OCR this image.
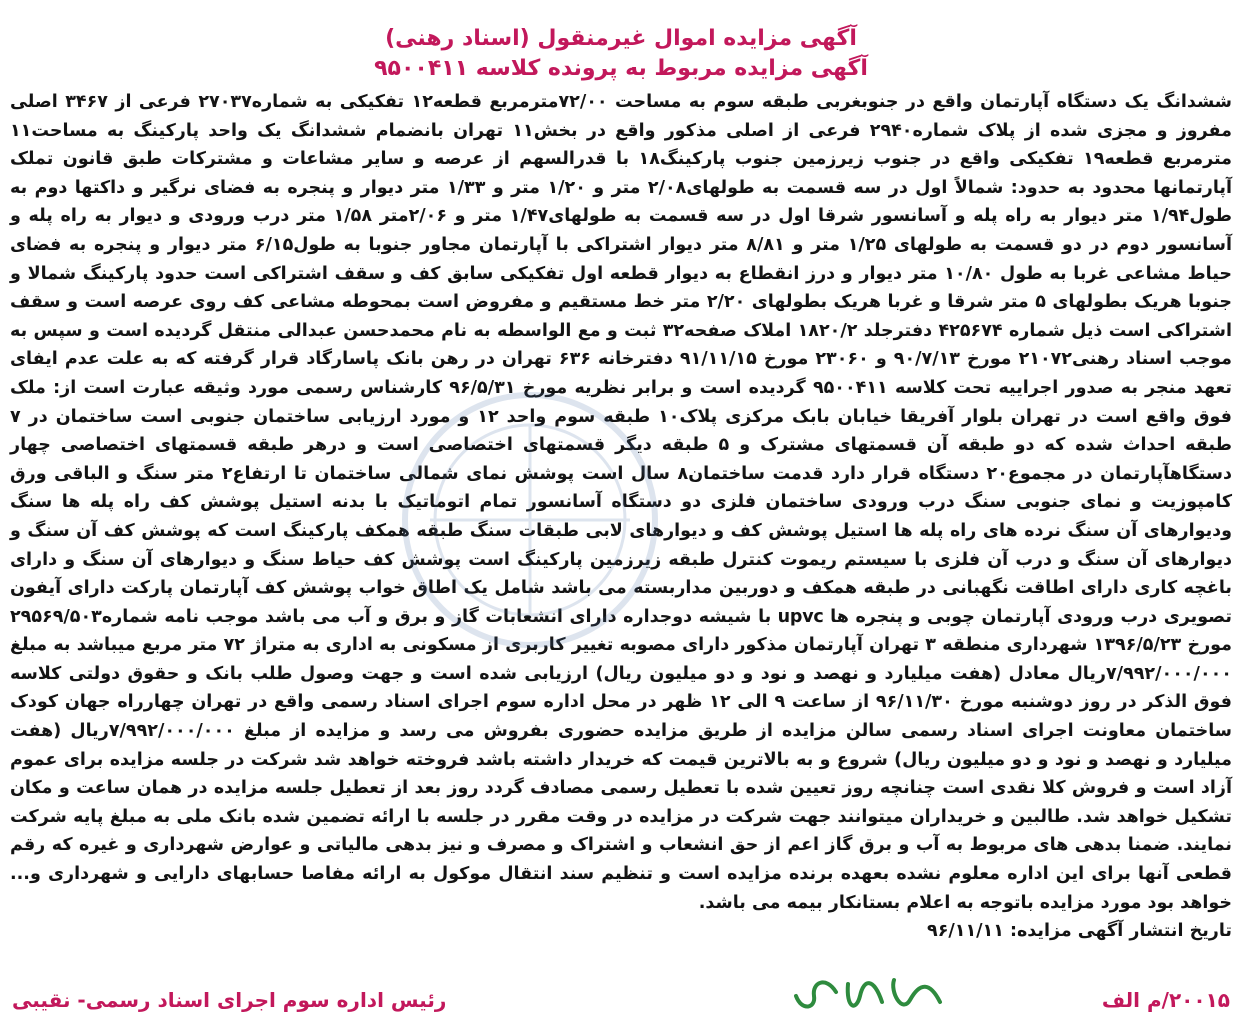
آگهی مزایده اموال غیرمنقول (اسناد رهنی)

آگهی مزایده مربوط به پرونده کلاسه ۹۵۰۰۴۱۱

ششدانگ یک دستگاه آپارتمان واقع در جنوبغربی طبقه سوم به مساحت ۷۲/۰۰مترمربع قطعه۱۲ تفکیکی به شماره۲۷۰۳۷ فرعی از ۳۴۶۷ اصلی مفروز و مجزی شده از پلاک شماره۲۹۴۰ فرعی از اصلی مذکور واقع در بخش۱۱ تهران بانضمام ششدانگ یک واحد پارکینگ به مساحت۱۱ مترمربع قطعه۱۹ تفکیکی واقع در جنوب زیرزمین جنوب پارکینگ۱۸ با قدرالسهم از عرصه و سایر مشاعات و مشترکات طبق قانون تملک آپارتمانها محدود به حدود: شمالاً اول در سه قسمت به طولهای۲/۰۸ متر و ۱/۲۰ متر و ۱/۳۳ متر دیوار و پنجره به فضای نرگیر و داکتها دوم به طول۱/۹۴ متر دیوار به راه پله و آسانسور شرقا اول در سه قسمت به طولهای۱/۴۷ متر و ۲/۰۶متر ۱/۵۸ متر درب ورودی و دیوار به راه پله و آسانسور دوم در دو قسمت به طولهای ۱/۲۵ متر و ۸/۸۱ متر دیوار اشتراکی با آپارتمان مجاور جنوبا به طول۶/۱۵ متر دیوار و پنجره به فضای حیاط مشاعی غربا به طول ۱۰/۸۰ متر دیوار و درز انقطاع به دیوار قطعه اول تفکیکی سابق کف و سقف اشتراکی است حدود پارکینگ شمالا و جنوبا هریک بطولهای ۵ متر شرقا و غربا هریک بطولهای ۲/۲۰ متر خط مستقیم و مفروض است بمحوطه مشاعی کف روی عرصه است و سقف اشتراکی است ذیل شماره ۴۲۵۶۷۴ دفترجلد ۱۸۲۰/۲ املاک صفحه۳۲ ثبت و مع الواسطه به نام محمدحسن عبدالی منتقل گردیده است و سپس به موجب اسناد رهنی۲۱۰۷۲ مورخ ۹۰/۷/۱۳ و ۲۳۰۶۰ مورخ ۹۱/۱۱/۱۵ دفترخانه ۶۳۶ تهران در رهن بانک پاسارگاد قرار گرفته که به علت عدم ایفای تعهد منجر به صدور اجراییه تحت کلاسه ۹۵۰۰۴۱۱ گردیده است و برابر نظریه مورخ ۹۶/۵/۳۱ کارشناس رسمی مورد وثیقه عبارت است از: ملک فوق واقع است در تهران بلوار آفریقا خیابان بابک مرکزی پلاک۱۰ طبقه سوم واحد ۱۲ و مورد ارزیابی ساختمان جنوبی است ساختمان در ۷ طبقه احداث شده که دو طبقه آن قسمتهای مشترک و ۵ طبقه دیگر قسمتهای اختصاصی است و درهر طبقه قسمتهای اختصاصی چهار دستگاهآپارتمان در مجموع۲۰ دستگاه قرار دارد قدمت ساختمان۸ سال است پوشش نمای شمالی ساختمان تا ارتفاع۲ متر سنگ و الباقی ورق کامپوزیت و نمای جنوبی سنگ درب ورودی ساختمان فلزی دو دستگاه آسانسور تمام اتوماتیک با بدنه استیل پوشش کف راه پله ها سنگ ودیوارهای آن سنگ نرده های راه پله ها استیل پوشش کف و دیوارهای لابی طبقات سنگ طبقه همکف پارکینگ است که پوشش کف آن سنگ و دیوارهای آن سنگ و درب آن فلزی با سیستم ریموت کنترل طبقه زیرزمین پارکینگ است پوشش کف حیاط سنگ و دیوارهای آن سنگ و دارای باغچه کاری دارای اطاقت نگهبانی در طبقه همکف و دوربین مداربسته می باشد شامل یک اطاق خواب پوشش کف آپارتمان پارکت دارای آیفون تصویری درب ورودی آپارتمان چوبی و پنجره ها upvc با شیشه دوجداره دارای انشعابات گاز و برق و آب می باشد موجب نامه شماره۲۹۵۶۹/۵۰۳ مورخ ۱۳۹۶/۵/۲۳ شهرداری منطقه ۳ تهران آپارتمان مذکور دارای مصوبه تغییر کاربری از مسکونی به اداری به متراژ ۷۲ متر مربع میباشد به مبلغ ۷/۹۹۲/۰۰۰/۰۰۰ریال معادل (هفت میلیارد و نهصد و نود و دو میلیون ریال) ارزیابی شده است و جهت وصول طلب بانک و حقوق دولتی کلاسه فوق الذکر در روز دوشنبه مورخ ۹۶/۱۱/۳۰ از ساعت ۹ الی ۱۲ ظهر در محل اداره سوم اجرای اسناد رسمی واقع در تهران چهارراه جهان کودک ساختمان معاونت اجرای اسناد رسمی سالن مزایده از طریق مزایده حضوری بفروش می رسد و مزایده از مبلغ ۷/۹۹۲/۰۰۰/۰۰۰ریال (هفت میلیارد و نهصد و نود و دو میلیون ریال) شروع و به بالاترین قیمت که خریدار داشته باشد فروخته خواهد شد شرکت در جلسه مزایده برای عموم آزاد است و فروش کلا نقدی است چنانچه روز تعیین شده با تعطیل رسمی مصادف گردد روز بعد از تعطیل جلسه مزایده در همان ساعت و مکان تشکیل خواهد شد. طالبین و خریداران میتوانند جهت شرکت در مزایده در وقت مقرر در جلسه با ارائه تضمین شده بانک ملی به مبلغ پایه شرکت نمایند. ضمنا بدهی های مربوط به آب و برق گاز اعم از حق انشعاب و اشتراک و مصرف و نیز بدهی مالیاتی و عوارض شهرداری و غیره که رقم قطعی آنها برای این اداره معلوم نشده بعهده برنده مزایده است و تنظیم سند انتقال موکول به ارائه مفاصا حسابهای دارایی و شهرداری و... خواهد بود مورد مزایده باتوجه به اعلام بستانکار بیمه می باشد.

تاریخ انتشار آگهی مزایده: ۹۶/۱۱/۱۱

رئیس اداره سوم اجرای اسناد رسمی- نقیبی	۲۰۰۱۵/م الف
